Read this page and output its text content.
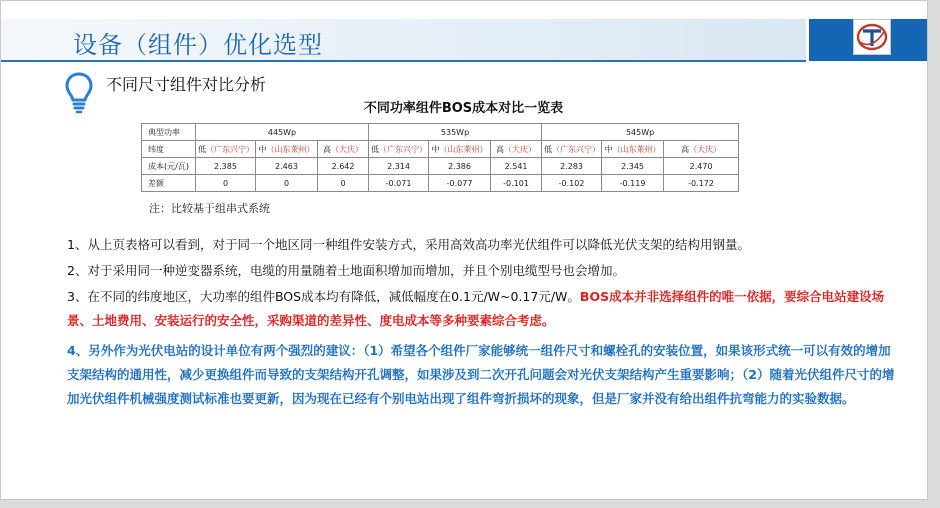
设备（组件）优化选型
不同尺寸组件对比分析
不同功率组件BOS成本对比一览表
典型功率	445Wp			535Wp			545Wp		
纬度	低（广东兴宁）	中（山东莱州）	高（大庆）	低（广东兴宁）	中（山东莱州）	高（大庆）	低（广东兴宁）	中（山东莱州）	高（大庆）
成本(元/瓦)	2.385	2.463	2.642	2.314	2.386	2.541	2.283	2.345	2.470
差额	0	0	0	-0.071	-0.077	-0.101	-0.102	-0.119	-0.172
注：比较基于组串式系统
1、从上页表格可以看到，对于同一个地区同一种组件安装方式，采用高效高功率光伏组件可以降低光伏支架的结构用钢量。
2、对于采用同一种逆变器系统，电缆的用量随着土地面积增加而增加，并且个别电缆型号也会增加。
3、在不同的纬度地区，大功率的组件BOS成本均有降低，减低幅度在0.1元/W~0.17元/W。BOS成本并非选择组件的唯一依据，要综合电站建设场景、土地费用、安装运行的安全性，采购渠道的差异性、度电成本等多种要素综合考虑。
4、另外作为光伏电站的设计单位有两个强烈的建议：（1）希望各个组件厂家能够统一组件尺寸和螺栓孔的安装位置，如果该形式统一可以有效的增加支架结构的通用性，减少更换组件而导致的支架结构开孔调整，如果涉及到二次开孔问题会对光伏支架结构产生重要影响；（2）随着光伏组件尺寸的增加光伏组件机械强度测试标准也要更新，因为现在已经有个别电站出现了组件弯折损坏的现象，但是厂家并没有给出组件抗弯能力的实验数据。
